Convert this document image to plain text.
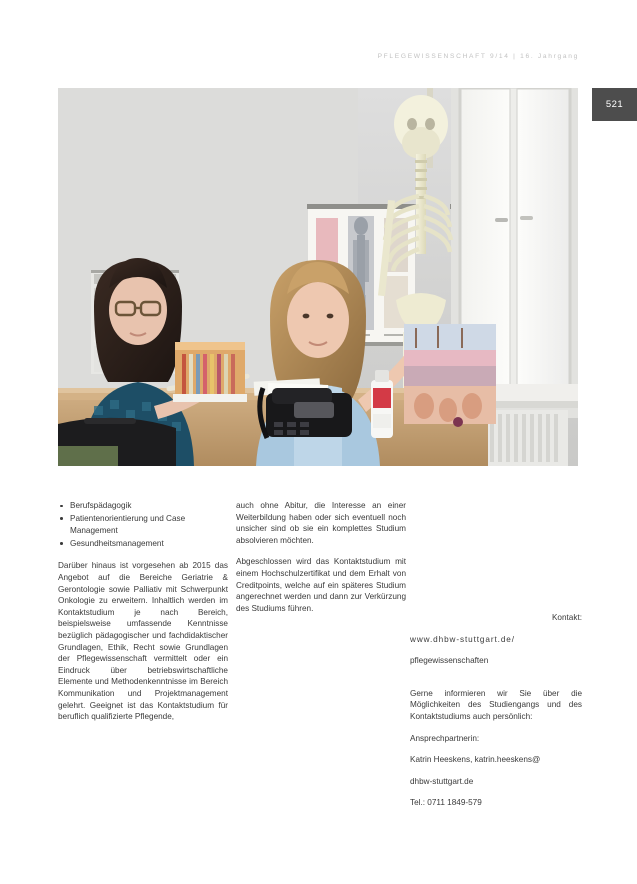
PFLEGEWISSENSCHAFT 9/14 | 16. Jahrgang
521
Berufspädagogik
Patientenorientierung und Case Management
Gesundheitsmanagement

Darüber hinaus ist vorgesehen ab 2015 das Angebot auf die Bereiche Geriatrie & Gerontologie sowie Palliativ mit Schwerpunkt Onkologie zu erweitern. Inhaltlich werden im Kontaktstudium je nach Bereich, beispielsweise umfassende Kenntnisse bezüglich pädagogischer und fachdidaktischer Grundlagen, Ethik, Recht sowie Grundlagen der Pflegewissenschaft vermittelt oder ein Eindruck über betriebswirtschaftliche Elemente und Methodenkenntnisse im Bereich Kommunikation und Projektmanagement gelehrt. Geeignet ist das Kontaktstudium für beruflich qualifizierte Pflegende,

auch ohne Abitur, die Interesse an einer Weiterbildung haben oder sich eventuell noch unsicher sind ob sie ein komplettes Studium absolvieren möchten.

Abgeschlossen wird das Kontaktstudium mit einem Hochschulzertifikat und dem Erhalt von Creditpoints, welche auf ein späteres Studium angerechnet werden und dann zur Verkürzung des Studiums führen.

Kontakt:

www.dhbw-stuttgart.de/

pflegewissenschaften

Gerne informieren wir Sie über die Möglichkeiten des Studiengangs und des Kontaktstudiums auch persönlich:

Ansprechpartnerin:

Katrin Heeskens, katrin.heeskens@

dhbw-stuttgart.de

Tel.: 0711 1849-579
